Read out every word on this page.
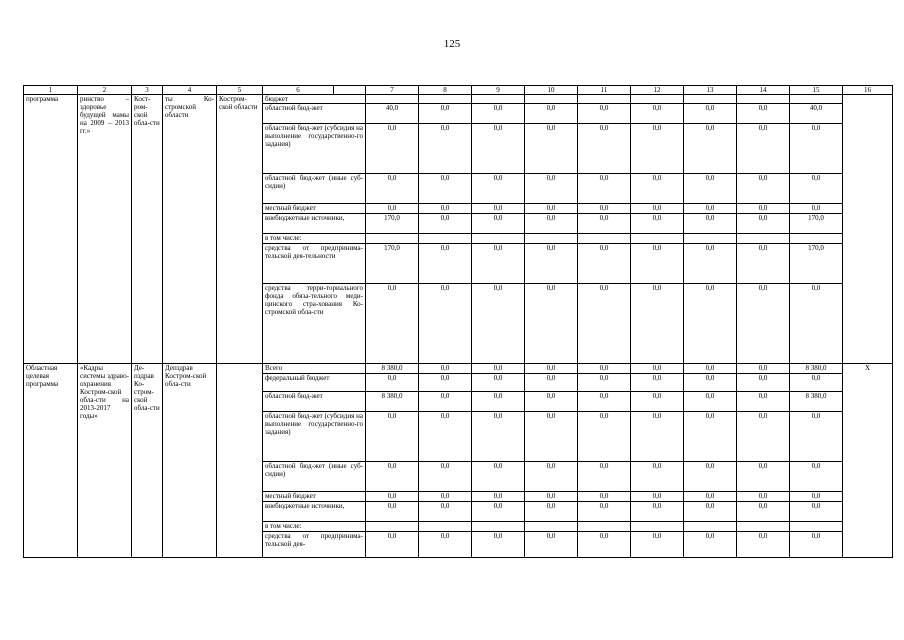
125
1	2	3	4	5	6		7	8	9	10	11	12	13	14	15	16
программа	ринство – здоровье будущей мамы на 2009 – 2013 гг.»	Кост-ром-ской обла-сти	ты Ко-стромской области	Костром-ской области	бюджет											
					областной бюд-жет		40,0	0,0	0,0	0,0	0,0	0,0	0,0	0,0	40,0	
					областной бюд-жет (субсидия на выполнение государственно-го задания)		0,0	0,0	0,0	0,0	0,0	0,0	0,0	0,0	0,0	
					областной бюд-жет (иные суб-сидии)		0,0	0,0	0,0	0,0	0,0	0,0	0,0	0,0	0,0	
					местный бюджет		0,0	0,0	0,0	0,0	0,0	0,0	0,0	0,0	0,0	
					внебюджетные источники,		170,0	0,0	0,0	0,0	0,0	0,0	0,0	0,0	170,0	
					в том числе:											
					средства от предпринима-тельской дея-тельности		170,0	0,0	0,0	0,0	0,0	0,0	0,0	0,0	170,0	
					средства терри-ториального фонда обяза-тельного меди-цинского стра-хования Ко-стромской обла-сти		0,0	0,0	0,0	0,0	0,0	0,0	0,0	0,0	0,0	
Областная целевая программа	«Кадры системы здраво-охранения Костром-ской обла-сти на 2013-2017 годы»	Де-пздрав Ко-стром-ской обла-сти	Депздрав Костром-ской обла-сти		Всего		8 380,0	0,0	0,0	0,0	0,0	0,0	0,0	0,0	8 380,0	Х
					федеральный бюджет		0,0	0,0	0,0	0,0	0,0	0,0	0,0	0,0	0,0	
					областной бюд-жет		8 380,0	0,0	0,0	0,0	0,0	0,0	0,0	0,0	8 380,0	
					областной бюд-жет (субсидия на выполнение государственно-го задания)		0,0	0,0	0,0	0,0	0,0	0,0	0,0	0,0	0,0	
					областной бюд-жет (иные суб-сидии)		0,0	0,0	0,0	0,0	0,0	0,0	0,0	0,0	0,0	
					местный бюджет		0,0	0,0	0,0	0,0	0,0	0,0	0,0	0,0	0,0	
					внебюджетные источники,		0,0	0,0	0,0	0,0	0,0	0,0	0,0	0,0	0,0	
					в том числе:											
					средства от предпринима-тельской дея-		0,0	0,0	0,0	0,0	0,0	0,0	0,0	0,0	0,0	
